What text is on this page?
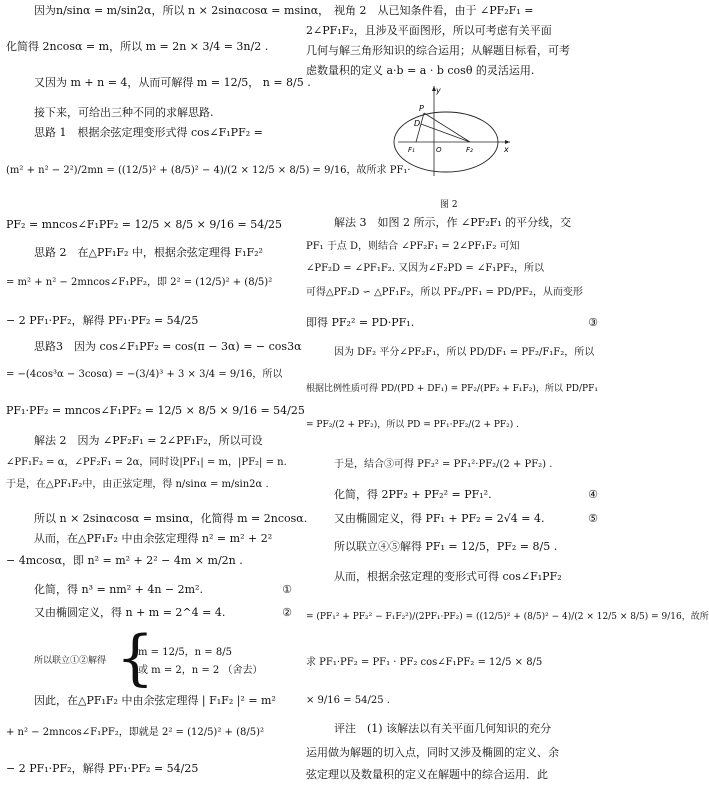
因为n/sinα = m/sin2α，所以 n × 2sinαcosα = msinα，
化简得 2ncosα = m，所以 m = 2n × 3/4 = 3n/2 .
又因为 m + n = 4，从而可解得 m = 12/5， n = 8/5 .
接下来，可给出三种不同的求解思路.
思路 1　根据余弦定理变形式得 cos∠F₁PF₂ =
(m² + n² − 2²)/2mn = ((12/5)² + (8/5)² − 4)/(2 × 12/5 × 8/5) = 9/16，故所求 PF₁·
PF₂ = mncos∠F₁PF₂ = 12/5 × 8/5 × 9/16 = 54/25
思路 2　在△PF₁F₂ 中，根据余弦定理得 F₁F₂²
= m² + n² − 2mncos∠F₁PF₂，即 2² = (12/5)² + (8/5)²
− 2 PF₁·PF₂，解得 PF₁·PF₂ = 54/25
思路3　因为 cos∠F₁PF₂ = cos(π − 3α) = − cos3α
= −(4cos³α − 3cosα) = −(3/4)³ + 3 × 3/4 = 9/16，所以
PF₁·PF₂ = mncos∠F₁PF₂ = 12/5 × 8/5 × 9/16 = 54/25
解法 2　因为 ∠PF₂F₁ = 2∠PF₁F₂，所以可设
∠PF₁F₂ = α，∠PF₂F₁ = 2α，同时设|PF₁| = m，|PF₂| = n.
于是，在△PF₁F₂中，由正弦定理，得 n/sinα = m/sin2α .
所以 n × 2sinαcosα = msinα，化简得 m = 2ncosα.
从而，在△PF₁F₂ 中由余弦定理得 n² = m² + 2²
− 4mcosα，即 n² = m² + 2² − 4m × m/2n .
化简，得 n³ = nm² + 4n − 2m².	①
又由椭圆定义，得 n + m = 2^4 = 4.	②
所以联立①②解得 {
m = 12/5，n = 8/5
或 m = 2，n = 2 （舍去）
因此，在△PF₁F₂ 中由余弦定理得 | F₁F₂ |² = m²
+ n² − 2mncos∠F₁PF₂，即就是 2² = (12/5)² + (8/5)²
− 2 PF₁·PF₂，解得 PF₁·PF₂ = 54/25
视角 2　从已知条件看，由于 ∠PF₂F₁ =
2∠PF₁F₂，且涉及平面图形，所以可考虑有关平面
几何与解三角形知识的综合运用；从解题目标看，可考
虑数量积的定义 a·b = a · b cosθ 的灵活运用.
y
P
D
F₁	O	F₂	x
图 2
解法 3　如图 2 所示，作 ∠PF₂F₁ 的平分线，交
PF₁ 于点 D，则结合 ∠PF₂F₁ = 2∠PF₁F₂ 可知
∠PF₂D = ∠PF₁F₂. 又因为∠F₂PD = ∠F₁PF₂，所以
可得△PF₂D ∽ △PF₁F₂，所以 PF₂/PF₁ = PD/PF₂，从而变形
即得 PF₂² = PD·PF₁.	③
因为 DF₂ 平分∠PF₂F₁，所以 PD/DF₁ = PF₂/F₁F₂，所以
根据比例性质可得 PD/(PD + DF₁) = PF₂/(PF₂ + F₁F₂)，所以 PD/PF₁
= PF₂/(2 + PF₂)，所以 PD = PF₁·PF₂/(2 + PF₂) .
于是，结合③可得 PF₂² = PF₁²·PF₂/(2 + PF₂) .
化简，得 2PF₂ + PF₂² = PF₁².	④
又由椭圆定义，得 PF₁ + PF₂ = 2√4 = 4.	⑤
所以联立④⑤解得 PF₁ = 12/5，PF₂ = 8/5 .
从而，根据余弦定理的变形式可得 cos∠F₁PF₂
= (PF₁² + PF₂² − F₁F₂²)/(2PF₁·PF₂) = ((12/5)² + (8/5)² − 4)/(2 × 12/5 × 8/5) = 9/16，故所
求 PF₁·PF₂ = PF₁ · PF₂ cos∠F₁PF₂ = 12/5 × 8/5
× 9/16 = 54/25 .
评注　(1) 该解法以有关平面几何知识的充分
运用做为解题的切入点，同时又涉及椭圆的定义、余
弦定理以及数量积的定义在解题中的综合运用．此
